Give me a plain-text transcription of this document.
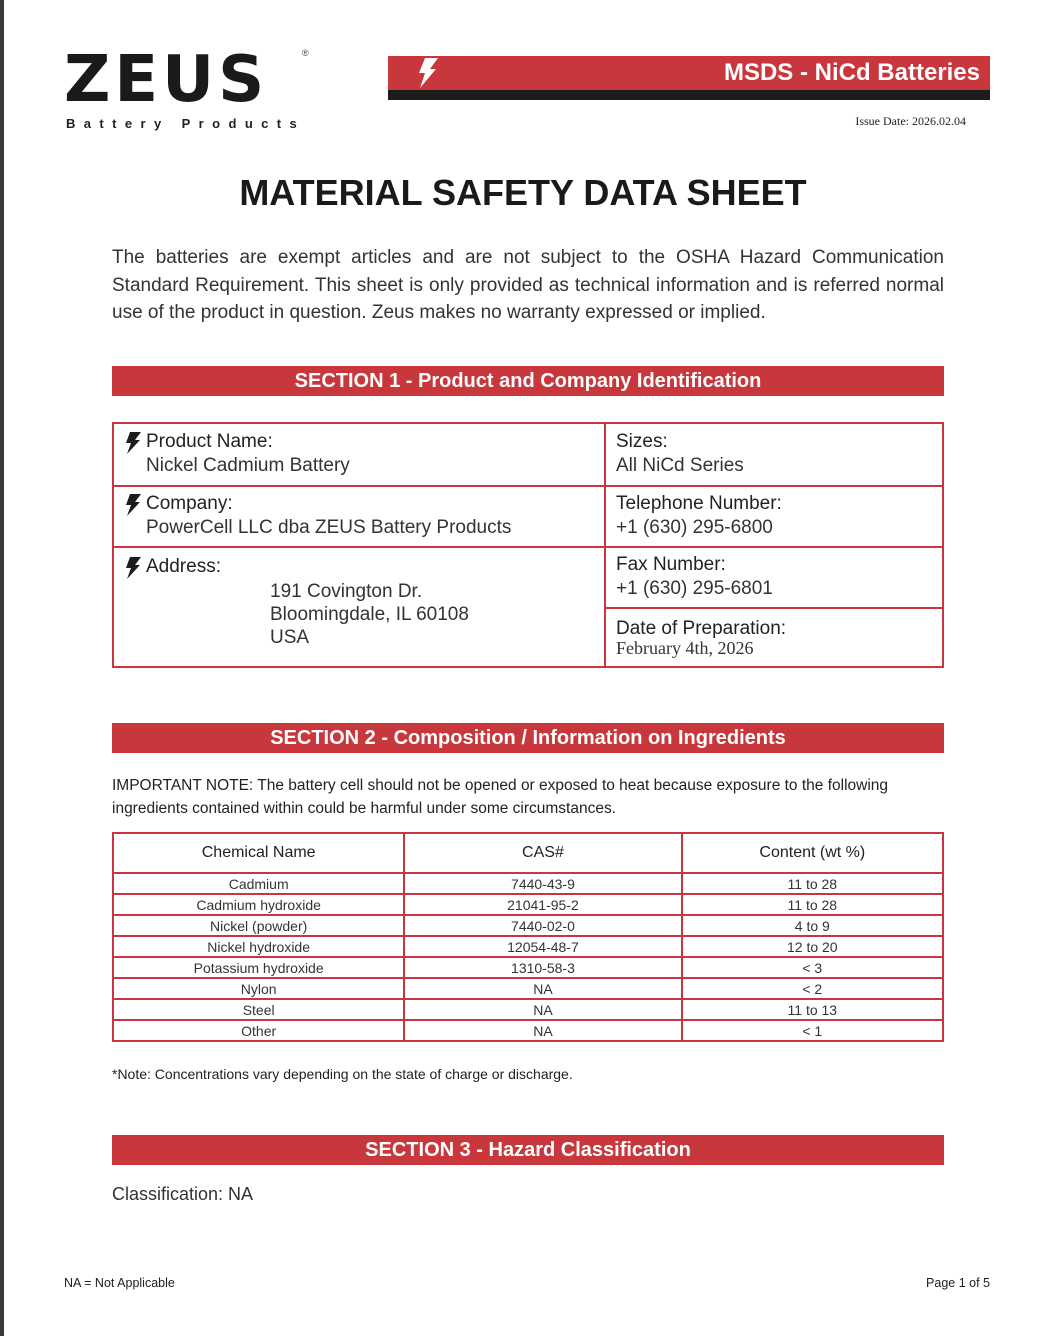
ZEUS	®
Battery Products
MSDS - NiCd Batteries
Issue Date: 2026.02.04
MATERIAL SAFETY DATA SHEET
The batteries are exempt articles and are not subject to the OSHA Hazard Communication Standard Requirement. This sheet is only provided as technical information and is referred normal use of the product in question. Zeus makes no warranty expressed or implied.
SECTION 1 - Product and Company Identification
Product Name:
Nickel Cadmium Battery
Company:
PowerCell LLC dba ZEUS Battery Products
Address:
191 Covington Dr.
Bloomingdale, IL 60108
USA
Sizes:
All NiCd Series
Telephone Number:
+1 (630) 295-6800
Fax Number:
+1 (630) 295-6801
Date of Preparation:
February 4th, 2026
SECTION 2 - Composition / Information on Ingredients
IMPORTANT NOTE: The battery cell should not be opened or exposed to heat because exposure to the following ingredients contained within could be harmful under some circumstances.
Chemical Name	CAS#	Content (wt %)
Cadmium	7440-43-9	11 to 28
Cadmium hydroxide	21041-95-2	11 to 28
Nickel (powder)	7440-02-0	4 to 9
Nickel hydroxide	12054-48-7	12 to 20
Potassium hydroxide	1310-58-3	< 3
Nylon	NA	< 2
Steel	NA	11 to 13
Other	NA	< 1
*Note: Concentrations vary depending on the state of charge or discharge.
SECTION 3 - Hazard Classification
Classification: NA
NA = Not Applicable	Page 1 of 5
